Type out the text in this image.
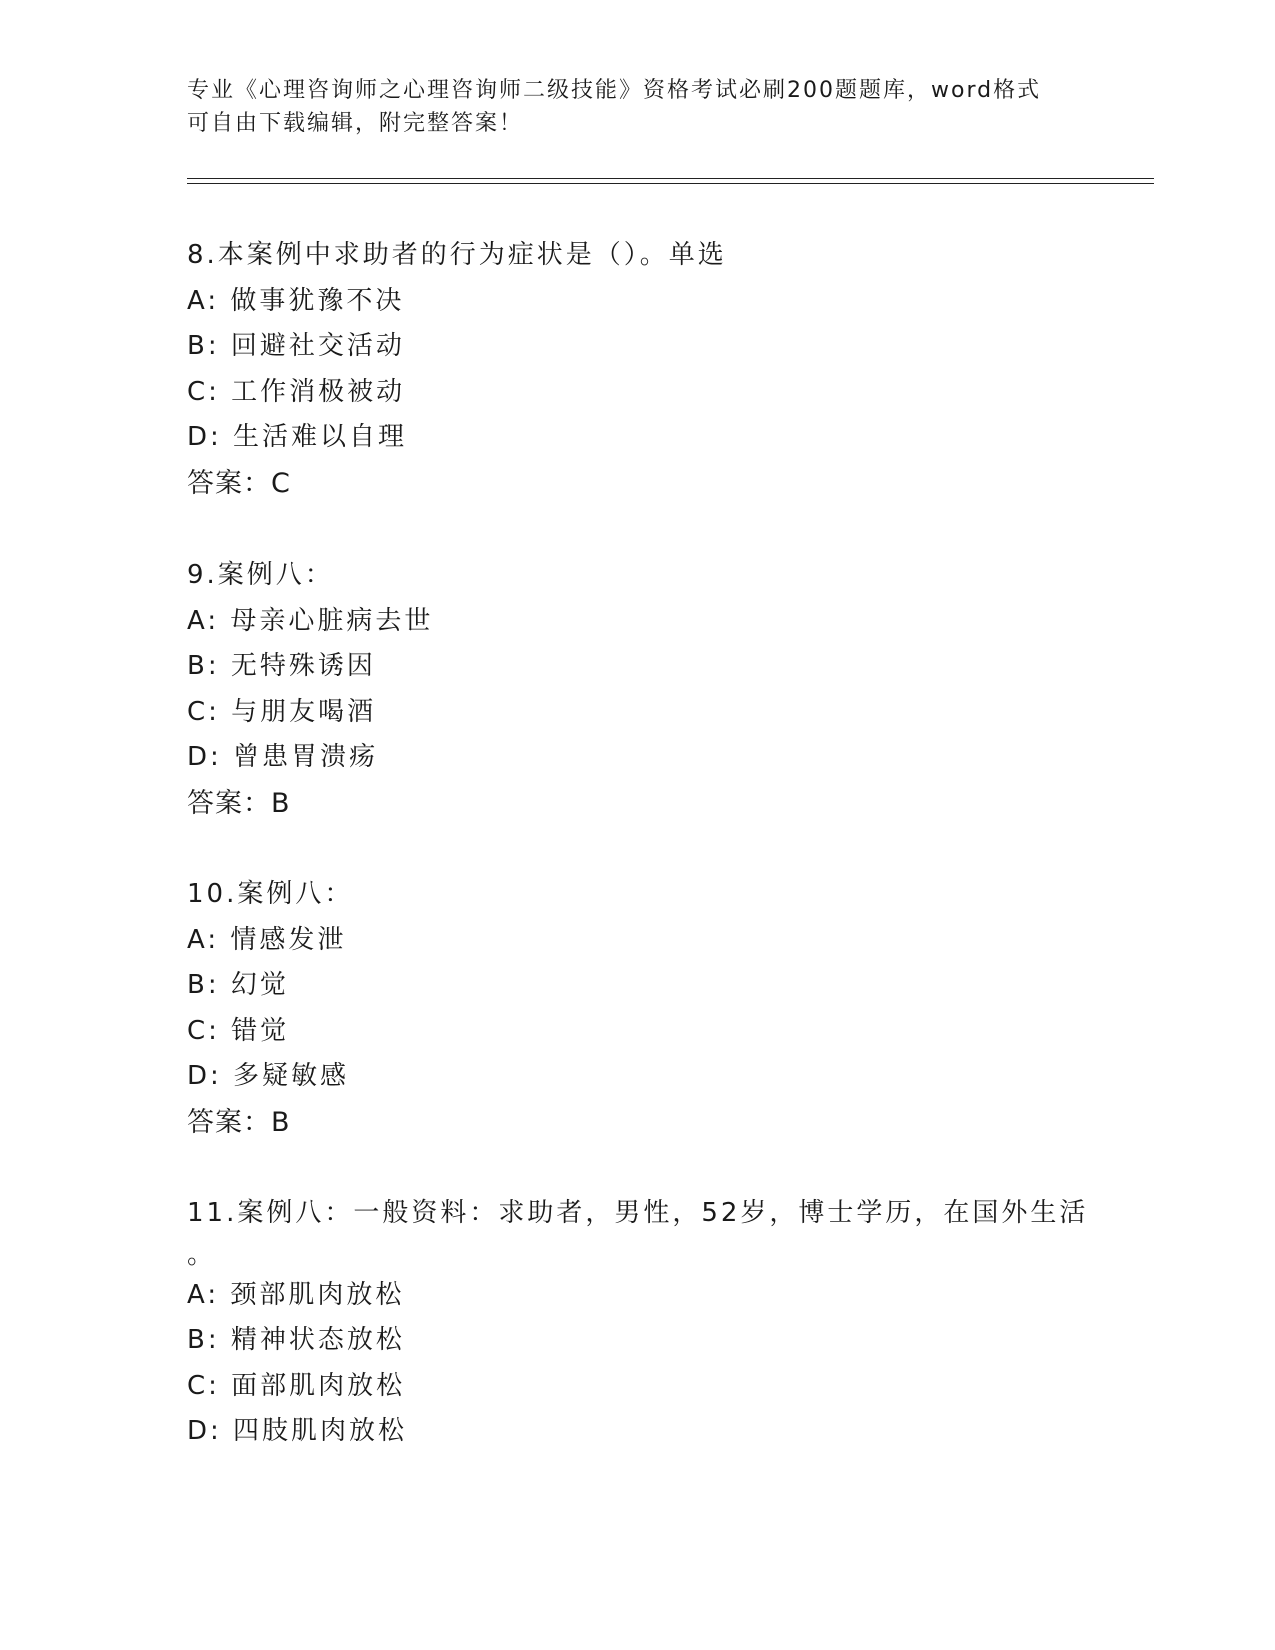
专业《心理咨询师之心理咨询师二级技能》资格考试必刷200题题库，word格式
可自由下载编辑，附完整答案！
8.本案例中求助者的行为症状是（）。单选
A: 做事犹豫不决
B: 回避社交活动
C: 工作消极被动
D: 生活难以自理
答案：C
9.案例八：
A: 母亲心脏病去世
B: 无特殊诱因
C: 与朋友喝酒
D: 曾患胃溃疡
答案：B
10.案例八：
A: 情感发泄
B: 幻觉
C: 错觉
D: 多疑敏感
答案：B
11.案例八：一般资料：求助者，男性，52岁，博士学历，在国外生活
。
A: 颈部肌肉放松
B: 精神状态放松
C: 面部肌肉放松
D: 四肢肌肉放松
